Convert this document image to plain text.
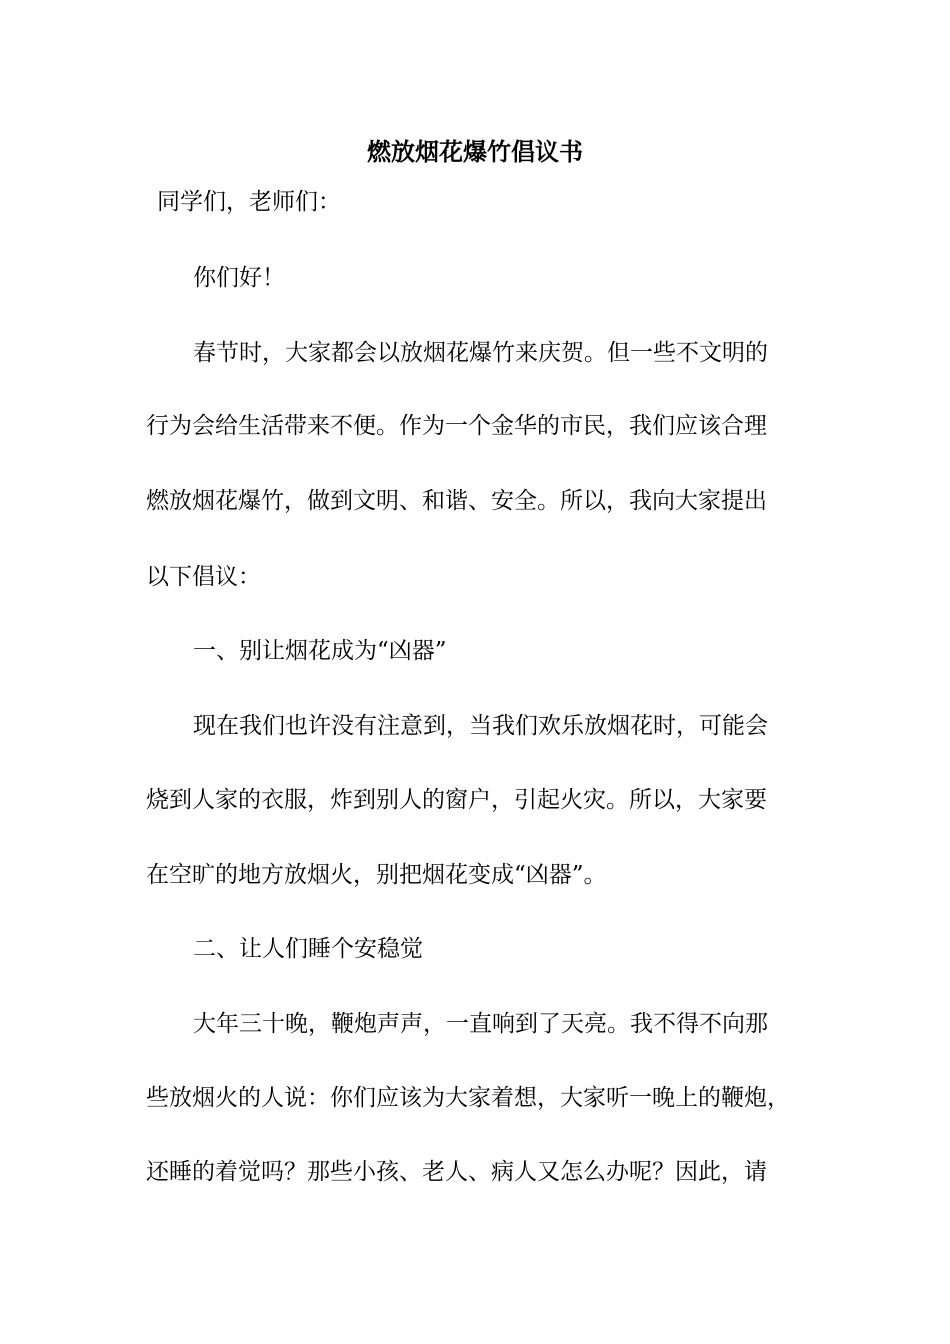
燃放烟花爆竹倡议书
同学们，老师们：
你们好！
春节时，大家都会以放烟花爆竹来庆贺。但一些不文明的
行为会给生活带来不便。作为一个金华的市民，我们应该合理
燃放烟花爆竹，做到文明、和谐、安全。所以，我向大家提出
以下倡议：
一、别让烟花成为“凶器”
现在我们也许没有注意到，当我们欢乐放烟花时，可能会
烧到人家的衣服，炸到别人的窗户，引起火灾。所以，大家要
在空旷的地方放烟火，别把烟花变成“凶器”。
二、让人们睡个安稳觉
大年三十晚，鞭炮声声，一直响到了天亮。我不得不向那
些放烟火的人说：你们应该为大家着想，大家听一晚上的鞭炮，
还睡的着觉吗？那些小孩、老人、病人又怎么办呢？因此，请
